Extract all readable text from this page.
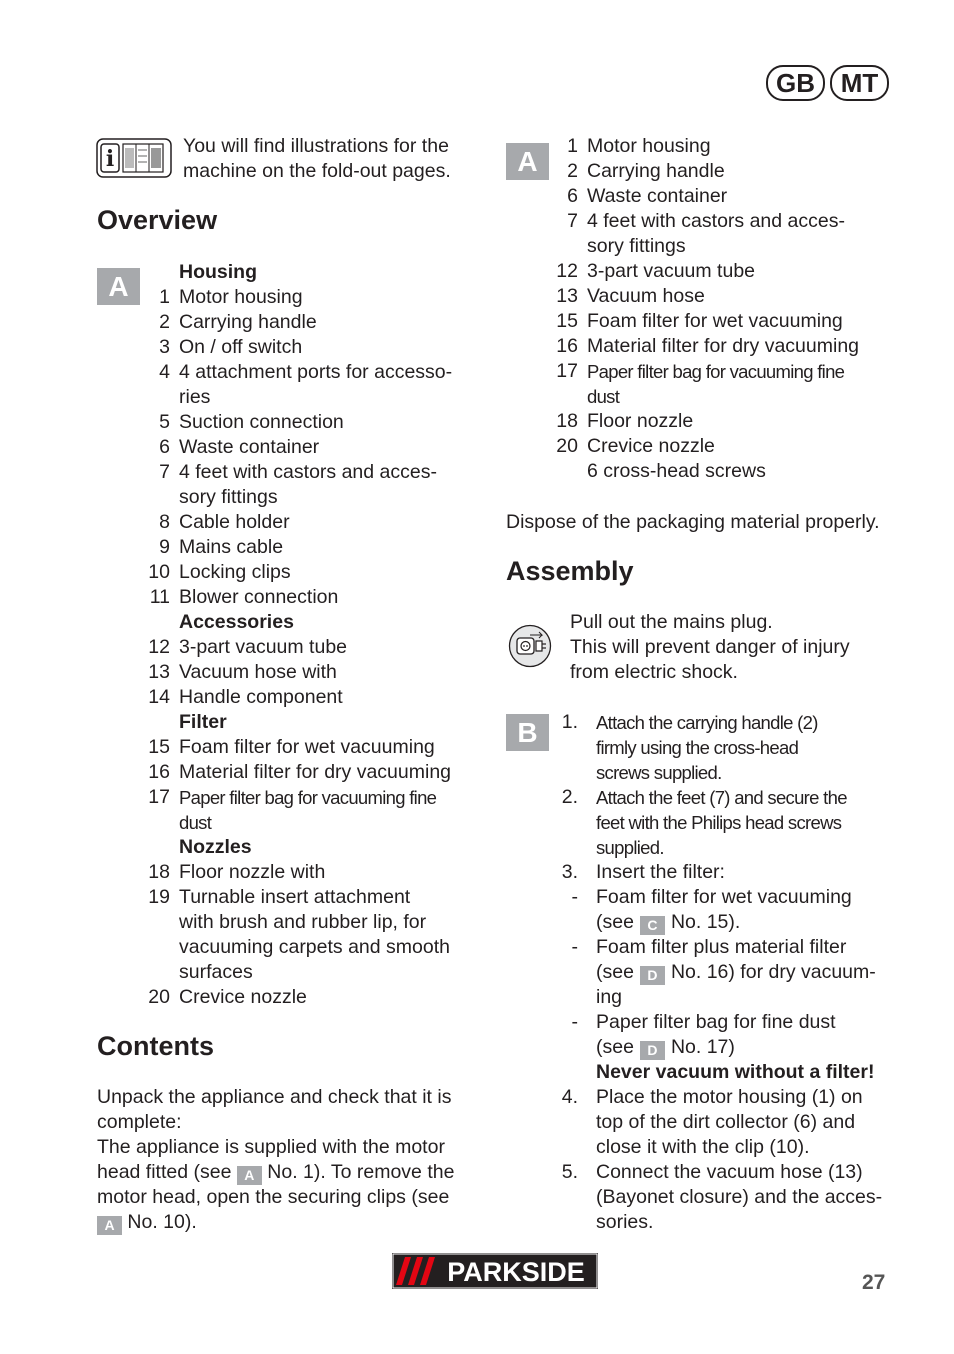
GB MT
i	You will find illustrations for the
machine on the fold-out pages.
Overview
A	Housing
1 Motor housing
2 Carrying handle
3 On / off switch
4 4 attachment ports for accesso-
ries
5 Suction connection
6 Waste container
7 4 feet with castors and acces-
sory fittings
8 Cable holder
9 Mains cable
10 Locking clips
11 Blower connection
Accessories
12 3-part vacuum tube
13 Vacuum hose with
14 Handle component
Filter
15 Foam filter for wet vacuuming
16 Material filter for dry vacuuming
17 Paper filter bag for vacuuming fine
dust
Nozzles
18 Floor nozzle with
19 Turnable insert attachment
with brush and rubber lip, for
vacuuming carpets and smooth
surfaces
20 Crevice nozzle
Contents
Unpack the appliance and check that it is
complete:
The appliance is supplied with the motor
head fitted (see A No. 1). To remove the
motor head, open the securing clips (see
A No. 10).
A	1 Motor housing
2 Carrying handle
6 Waste container
7 4 feet with castors and acces-
sory fittings
12 3-part vacuum tube
13 Vacuum hose
15 Foam filter for wet vacuuming
16 Material filter for dry vacuuming
17 Paper filter bag for vacuuming fine
dust
18 Floor nozzle
20 Crevice nozzle
6 cross-head screws
Dispose of the packaging material properly.
Assembly
Pull out the mains plug.
This will prevent danger of injury
from electric shock.
B	1. Attach the carrying handle (2)
firmly using the cross-head
screws supplied.
2. Attach the feet (7) and secure the
feet with the Philips head screws
supplied.
3. Insert the filter:
- Foam filter for wet vacuuming
(see C No. 15).
- Foam filter plus material filter
(see D No. 16) for dry vacuum-
ing
- Paper filter bag for fine dust
(see D No. 17)
Never vacuum without a filter!
4. Place the motor housing (1) on
top of the dirt collector (6) and
close it with the clip (10).
5. Connect the vacuum hose (13)
(Bayonet closure) and the acces-
sories.
PARKSIDE	27
